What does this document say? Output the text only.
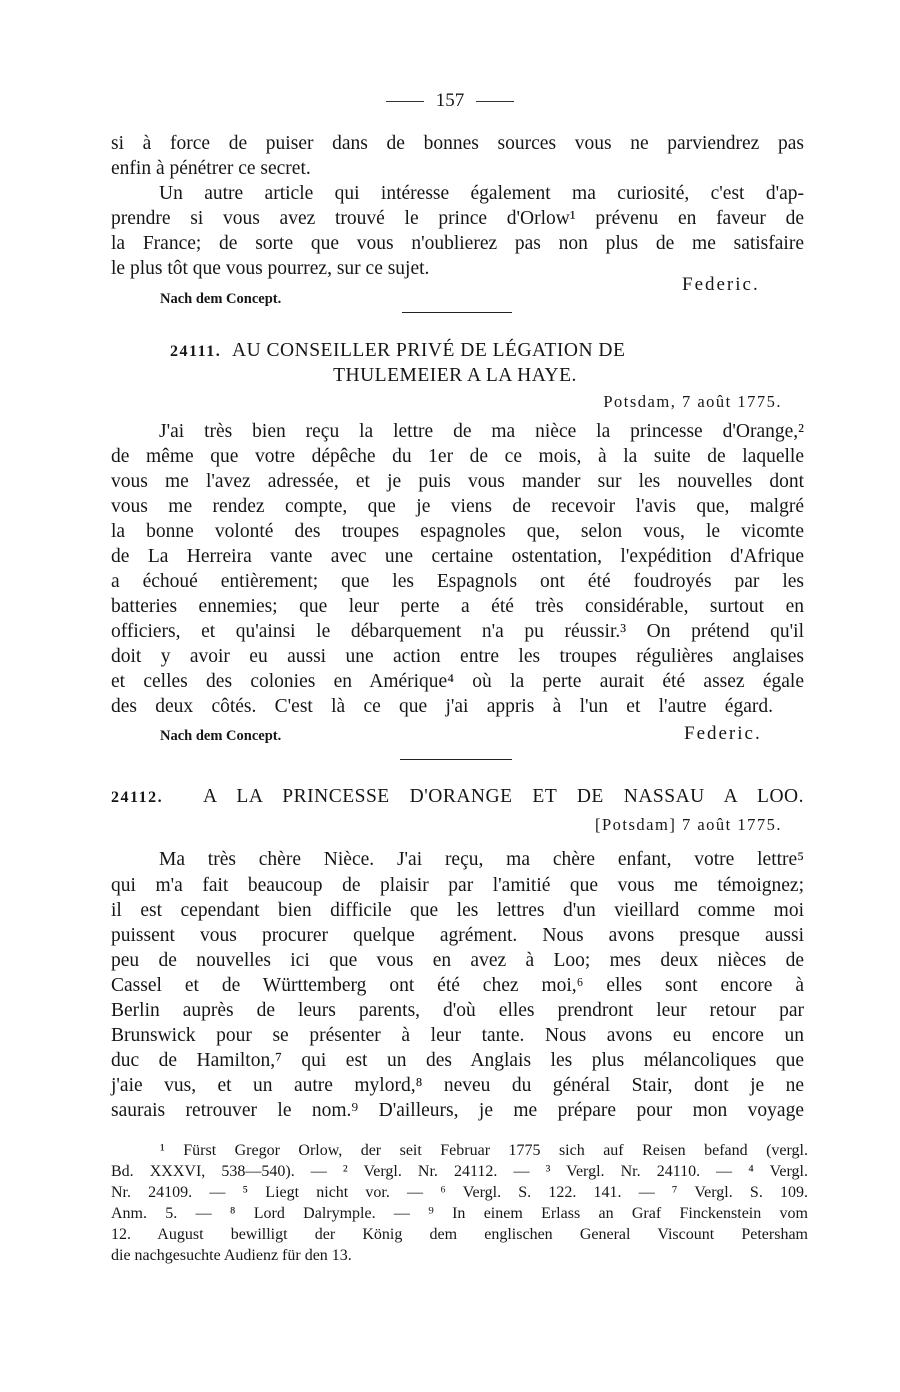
157
si à force de puiser dans de bonnes sources vous ne parviendrez pas
enfin à pénétrer ce secret.
Un autre article qui intéresse également ma curiosité, c'est d'ap-
prendre si vous avez trouvé le prince d'Orlow¹ prévenu en faveur de
la France; de sorte que vous n'oublierez pas non plus de me satisfaire
le plus tôt que vous pourrez, sur ce sujet.
Federic.
Nach dem Concept.
24111. AU CONSEILLER PRIVÉ DE LÉGATION DE
THULEMEIER A LA HAYE.
Potsdam, 7 août 1775.
J'ai très bien reçu la lettre de ma nièce la princesse d'Orange,²
de même que votre dépêche du 1er de ce mois, à la suite de laquelle
vous me l'avez adressée, et je puis vous mander sur les nouvelles dont
vous me rendez compte, que je viens de recevoir l'avis que, malgré
la bonne volonté des troupes espagnoles que, selon vous, le vicomte
de La Herreira vante avec une certaine ostentation, l'expédition d'Afrique
a échoué entièrement; que les Espagnols ont été foudroyés par les
batteries ennemies; que leur perte a été très considérable, surtout en
officiers, et qu'ainsi le débarquement n'a pu réussir.³ On prétend qu'il
doit y avoir eu aussi une action entre les troupes régulières anglaises
et celles des colonies en Amérique⁴ où la perte aurait été assez égale
des deux côtés. C'est là ce que j'ai appris à l'un et l'autre égard.
Nach dem Concept.	Federic.
24112. A LA PRINCESSE D'ORANGE ET DE NASSAU A LOO.
[Potsdam] 7 août 1775.
Ma très chère Nièce. J'ai reçu, ma chère enfant, votre lettre⁵
qui m'a fait beaucoup de plaisir par l'amitié que vous me témoignez;
il est cependant bien difficile que les lettres d'un vieillard comme moi
puissent vous procurer quelque agrément. Nous avons presque aussi
peu de nouvelles ici que vous en avez à Loo; mes deux nièces de
Cassel et de Württemberg ont été chez moi,⁶ elles sont encore à
Berlin auprès de leurs parents, d'où elles prendront leur retour par
Brunswick pour se présenter à leur tante. Nous avons eu encore un
duc de Hamilton,⁷ qui est un des Anglais les plus mélancoliques que
j'aie vus, et un autre mylord,⁸ neveu du général Stair, dont je ne
saurais retrouver le nom.⁹ D'ailleurs, je me prépare pour mon voyage
¹ Fürst Gregor Orlow, der seit Februar 1775 sich auf Reisen befand (vergl.
Bd. XXXVI, 538—540). — ² Vergl. Nr. 24112. — ³ Vergl. Nr. 24110. — ⁴ Vergl.
Nr. 24109. — ⁵ Liegt nicht vor. — ⁶ Vergl. S. 122. 141. — ⁷ Vergl. S. 109.
Anm. 5. — ⁸ Lord Dalrymple. — ⁹ In einem Erlass an Graf Finckenstein vom
12. August bewilligt der König dem englischen General Viscount Petersham
die nachgesuchte Audienz für den 13.
